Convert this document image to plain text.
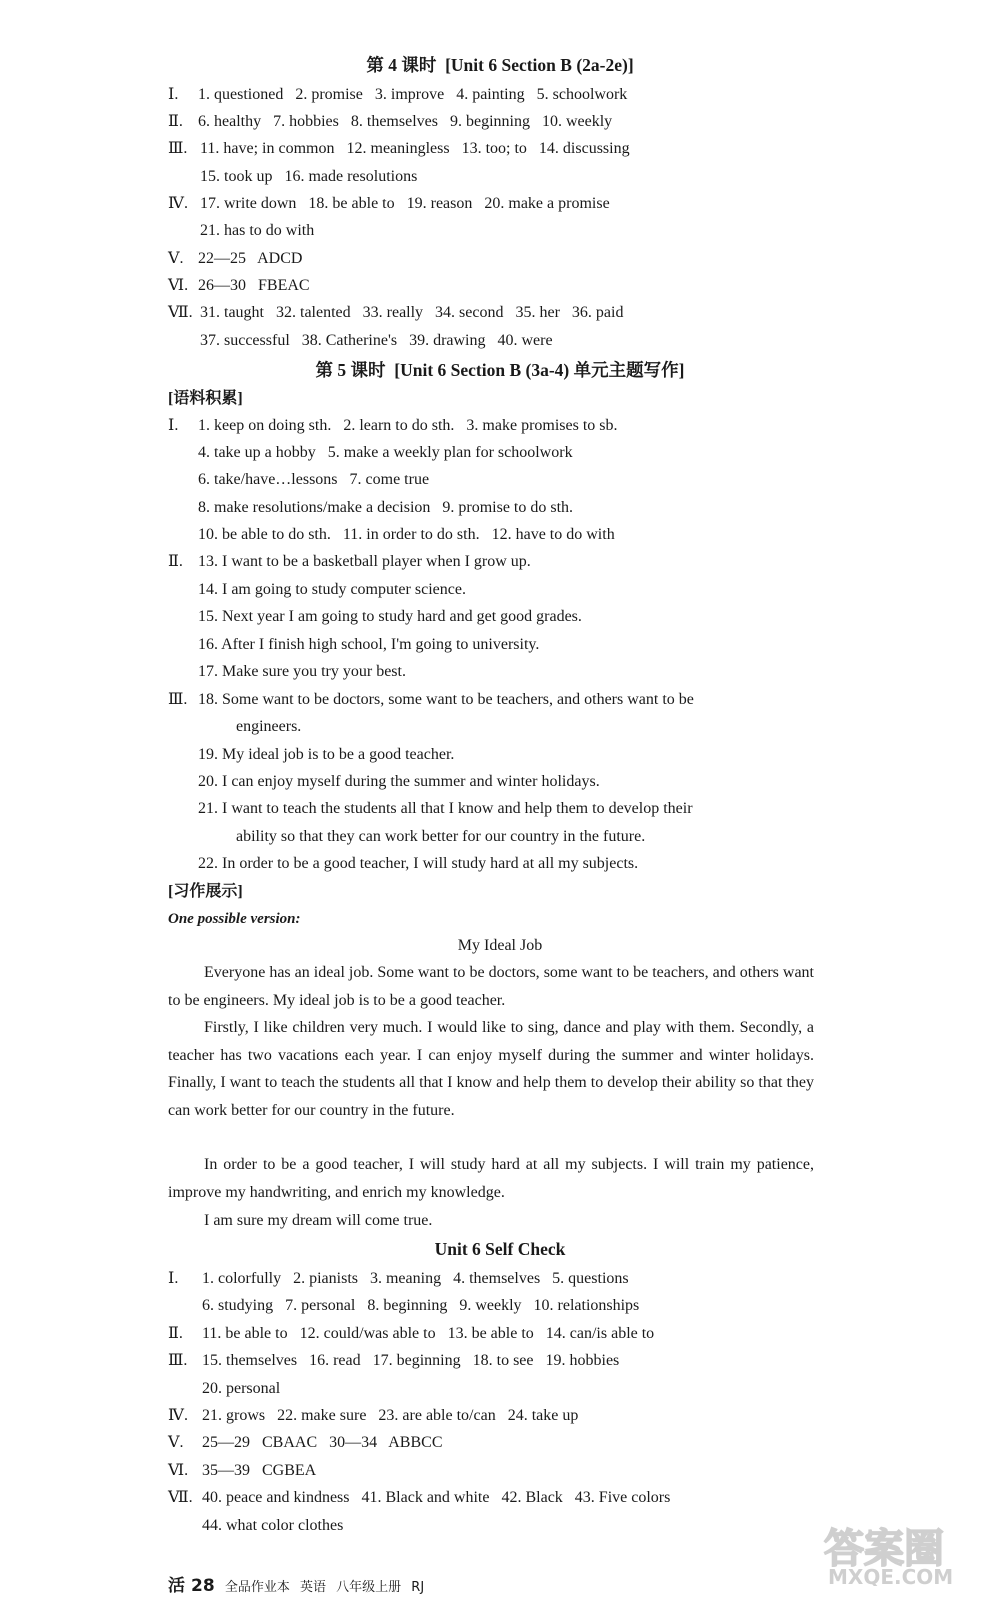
第 4 课时  [Unit 6 Section B (2a-2e)]
Ⅰ. 1. questioned   2. promise   3. improve   4. painting   5. schoolwork
Ⅱ. 6. healthy   7. hobbies   8. themselves   9. beginning   10. weekly
Ⅲ. 11. have; in common   12. meaningless   13. too; to   14. discussing
15. took up   16. made resolutions
Ⅳ. 17. write down   18. be able to   19. reason   20. make a promise
21. has to do with
Ⅴ. 22—25   ADCD
Ⅵ. 26—30   FBEAC
Ⅶ. 31. taught   32. talented   33. really   34. second   35. her   36. paid
37. successful   38. Catherine's   39. drawing   40. were
第 5 课时  [Unit 6 Section B (3a-4) 单元主题写作]
[语料积累]
Ⅰ. 1. keep on doing sth.   2. learn to do sth.   3. make promises to sb.
4. take up a hobby   5. make a weekly plan for schoolwork
6. take/have…lessons   7. come true
8. make resolutions/make a decision   9. promise to do sth.
10. be able to do sth.   11. in order to do sth.   12. have to do with
Ⅱ. 13. I want to be a basketball player when I grow up.
14. I am going to study computer science.
15. Next year I am going to study hard and get good grades.
16. After I finish high school, I'm going to university.
17. Make sure you try your best.
Ⅲ. 18. Some want to be doctors, some want to be teachers, and others want to be
engineers.
19. My ideal job is to be a good teacher.
20. I can enjoy myself during the summer and winter holidays.
21. I want to teach the students all that I know and help them to develop their
ability so that they can work better for our country in the future.
22. In order to be a good teacher, I will study hard at all my subjects.
[习作展示]
One possible version:
My Ideal Job
Everyone has an ideal job. Some want to be doctors, some want to be teachers, and others want to be engineers. My ideal job is to be a good teacher.
Firstly, I like children very much. I would like to sing, dance and play with them. Secondly, a teacher has two vacations each year. I can enjoy myself during the summer and winter holidays. Finally, I want to teach the students all that I know and help them to develop their ability so that they can work better for our country in the future.
In order to be a good teacher, I will study hard at all my subjects. I will train my patience, improve my handwriting, and enrich my knowledge.
I am sure my dream will come true.
Unit 6 Self Check
Ⅰ. 1. colorfully   2. pianists   3. meaning   4. themselves   5. questions
6. studying   7. personal   8. beginning   9. weekly   10. relationships
Ⅱ. 11. be able to   12. could/was able to   13. be able to   14. can/is able to
Ⅲ. 15. themselves   16. read   17. beginning   18. to see   19. hobbies
20. personal
Ⅳ. 21. grows   22. make sure   23. are able to/can   24. take up
Ⅴ. 25—29   CBAAC   30—34   ABBCC
Ⅵ. 35—39   CGBEA
Ⅶ. 40. peace and kindness   41. Black and white   42. Black   43. Five colors
44. what color clothes
活 28 全品作业本 英语 八年级上册 RJ
答案圈
MXQE.COM
